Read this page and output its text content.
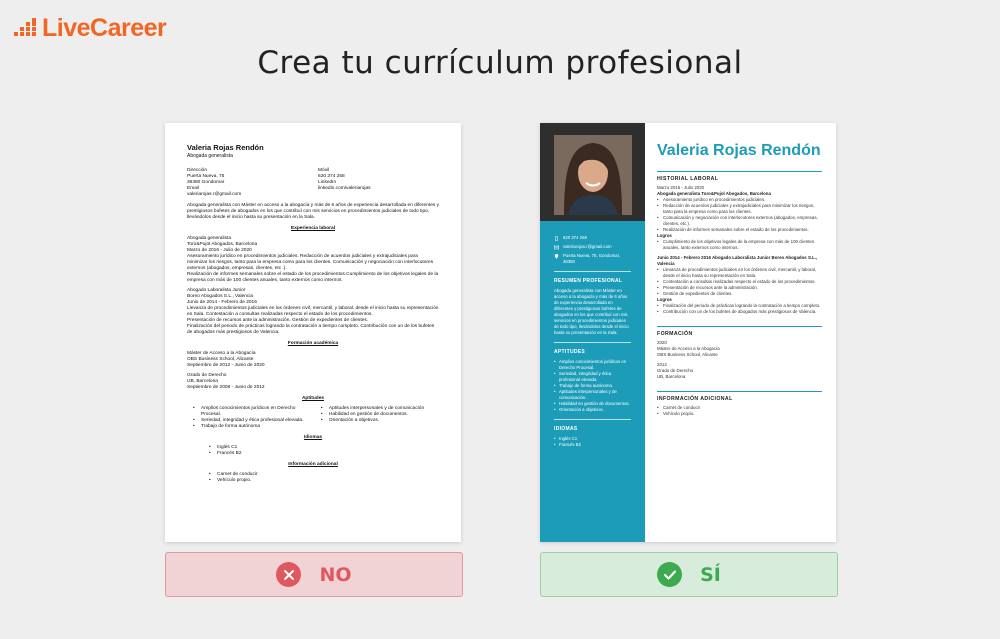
LiveCareer
Crea tu currículum profesional
Valeria Rojas Rendón
Abogada generalista
Dirección
Puerta Nueva, 75
36380 Gondomar
Email
valeriarojas.r@gmail.com
Móvil
620 374 258
LinkedIn
linkedin.com/valeriarojas

Abogada generalista con Máster en acceso a la abogacía y más de 6 años de experiencia desarrollada en diferentes y prestigiosos bufetes de abogados en los que contribuí con mis servicios en procedimientos judiciales de todo tipo, llevándolos desde el inicio hasta su presentación en la Sala.

Experiencia laboral

Abogada generalista
Toro&Pujol Abogados, Barcelona
Marzo de 2016 - Julio de 2020
Asesoramiento jurídico en procedimientos judiciales. Redacción de acuerdos judiciales y extrajudiciales para minimizar los riesgos, tanto para la empresa como para los clientes. Comunicación y negociación con interlocutores externos (abogados, empresas, clientes, etc .).
Realización de informes semanales sobre el estado de los procedimientos.Cumplimiento de los objetivos legales de la empresa con más de 100 clientes anuales, tanto externos como internos.

Abogado Laboralista Junior
Boreo Abogados S.L., Valencia
Junio de 2014 - Febrero de 2016
Llevanza de procedimientos judiciales en los órdenes civil, mercantil, y laboral, desde el inicio hasta su representación en Sala. Contestación a consultas realizadas respecto el estado de los procedimientos.
Presentación de recursos ante la administración. Gestión de expedientes de clientes.
Finalización del periodo de prácticas logrando la contratación a tiempo completo. Contribución con un de los bufetes de abogados más prestigiosos de Valencia.

Formación académica

Máster de Acceso a la Abogacía
OBS Business School, Alicante
Septiembre de 2012 - Junio de 2020

Grado de Derecho
UB, Barcelona
Septiembre de 2008 - Junio de 2012

Aptitudes
• Amplios conocimientos jurídicos en Derecho Procesal.
• Seriedad, integridad y ética profesional elevada.
• Trabajo de forma autónoma
• Aptitudes interpersonales y de comunicación
• Habilidad en gestión de documentos.
• Orientación a objetivos.
Idiomas
• Inglés C1
• Francés B2
Información adicional
• Carnet de conducir
• Vehículo propio.
620 374 258
valeriarojas.r@gmail.com
Puerta Nueva, 75, Gondomar, 36380
RESUMEN PROFESIONAL
Abogada generalista con Máster en acceso a la abogacía y más de 6 años de experiencia desarrollada en diferentes y prestigiosos bufetes de abogados en los que contribuí con mis servicios en procedimientos judiciales de todo tipo, llevándolos desde el inicio hasta su presentación en la Sala.
APTITUDES
• Amplios conocimientos jurídicos en Derecho Procesal.
• Seriedad, integridad y ética profesional elevada.
• Trabajo de forma autónoma.
• Aptitudes interpersonales y de comunicación.
• Habilidad en gestión de documentos.
• Orientación a objetivos.
IDIOMAS
• Inglés C1
• Francés B2
Valeria Rojas Rendón
HISTORIAL LABORAL
Marzo 2016 - Julio 2020
Abogada generalista Toro&Pujol Abogados, Barcelona
• Asesoramiento jurídico en procedimientos judiciales.
• Redacción de acuerdos judiciales y extrajudiciales para minimizar los riesgos, tanto para la empresa como para los clientes.
• Comunicación y negociación con interlocutores externos (abogados, empresas, clientes, etc.).
• Realización de informes semanales sobre el estado de los procedimientos.
Logros
• Cumplimiento de los objetivos legales de la empresa con más de 100 clientes anuales, tanto externos como internos.
Junio 2014 - Febrero 2016 Abogado Laboralista Junior Boreo Abogados S.L., Valencia
• Llevanza de procedimientos judiciales en los órdenes civil, mercantil, y laboral, desde el inicio hasta su representación en Sala.
• Contestación a consultas realizadas respecto el estado de los procedimientos.
• Presentación de recursos ante la administración.
• Gestión de expedientes de clientes.
Logros
• Finalización del periodo de prácticas logrando la contratación a tiempo completo.
• Contribución con un de los bufetes de abogados más prestigiosos de Valencia.
FORMACIÓN
2020
Máster de Acceso a la Abogacía
OBS Business School, Alicante
2012
Grado de Derecho
UB, Barcelona
INFORMACIÓN ADICIONAL
• Carnet de conducir
• Vehículo propio.
NO	SÍ
